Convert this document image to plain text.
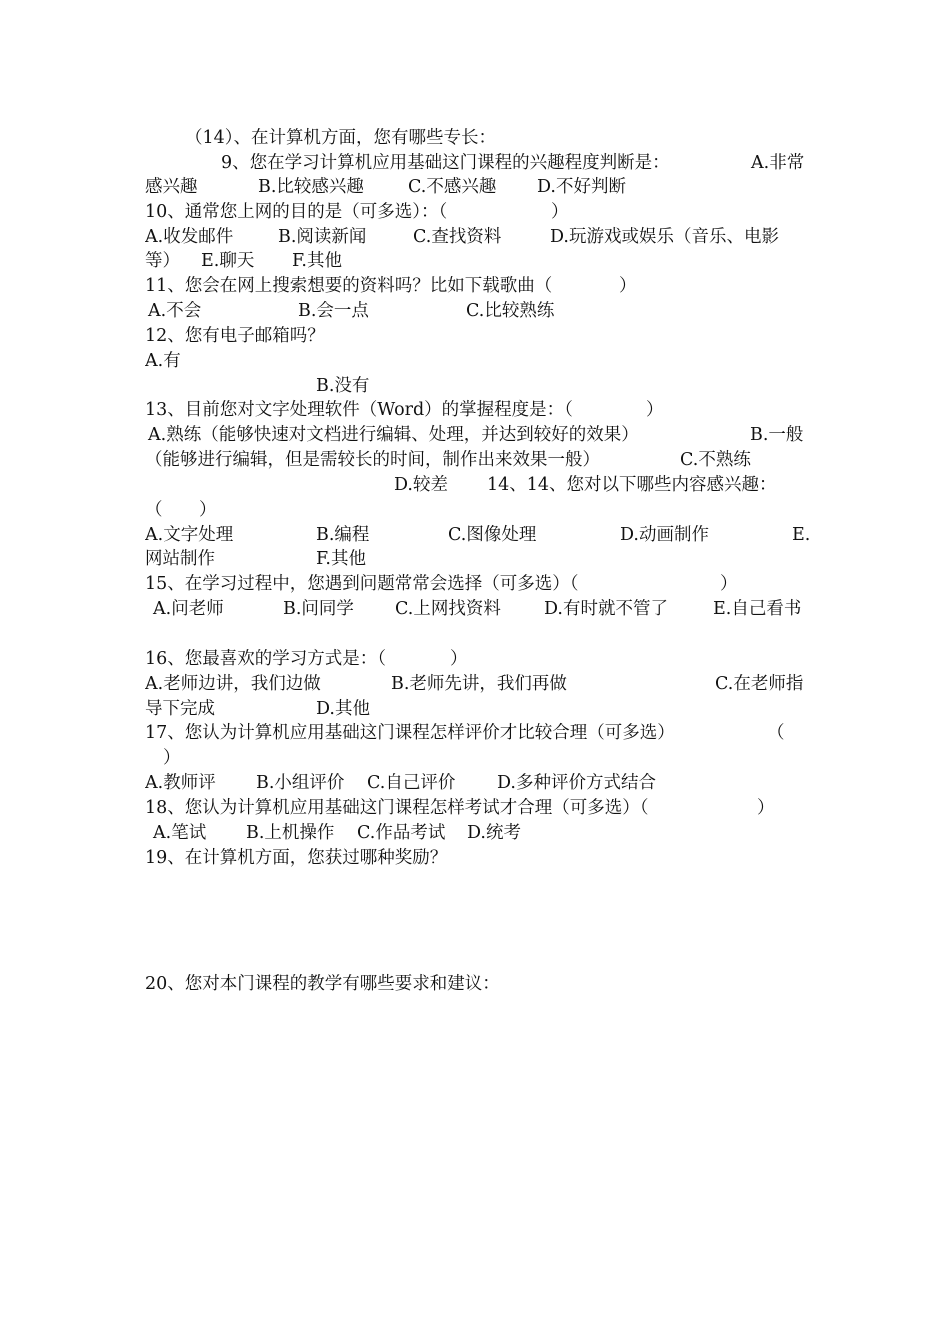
（14）、在计算机方面，您有哪些专长：
9、您在学习计算机应用基础这门课程的兴趣程度判断是：	A.非常
感兴趣	B.比较感兴趣	C.不感兴趣 D.不好判断
10、通常您上网的目的是（可多选）：（	）
A.收发邮件	B.阅读新闻	C.查找资料	D.玩游戏或娱乐（音乐、电影
等） E.聊天 F.其他
11、您会在网上搜索想要的资料吗？比如下载歌曲（	）
A.不会	B.会一点	C.比较熟练
12、您有电子邮箱吗？
A.有
B.没有
13、目前您对文字处理软件（Word）的掌握程度是：（	）
A.熟练（能够快速对文档进行编辑、处理，并达到较好的效果）	B.一般
（能够进行编辑，但是需较长的时间，制作出来效果一般）	C.不熟练
D.较差 14、14、您对以下哪些内容感兴趣：
（ ）
A.文字处理	B.编程	C.图像处理	D.动画制作	E.
网站制作	F.其他
15、在学习过程中，您遇到问题常常会选择（可多选）（	）
A.问老师	B.问同学 C.上网找资料 D.有时就不管了	E.自己看书
16、您最喜欢的学习方式是：（	）
A.老师边讲，我们边做	B.老师先讲，我们再做	C.在老师指
导下完成	D.其他
17、您认为计算机应用基础这门课程怎样评价才比较合理（可多选）	（
）
A.教师评 B.小组评价 C.自己评价 D.多种评价方式结合
18、您认为计算机应用基础这门课程怎样考试才合理（可多选）（	）
A.笔试 B.上机操作 C.作品考试 D.统考
19、在计算机方面，您获过哪种奖励？
20、您对本门课程的教学有哪些要求和建议：
